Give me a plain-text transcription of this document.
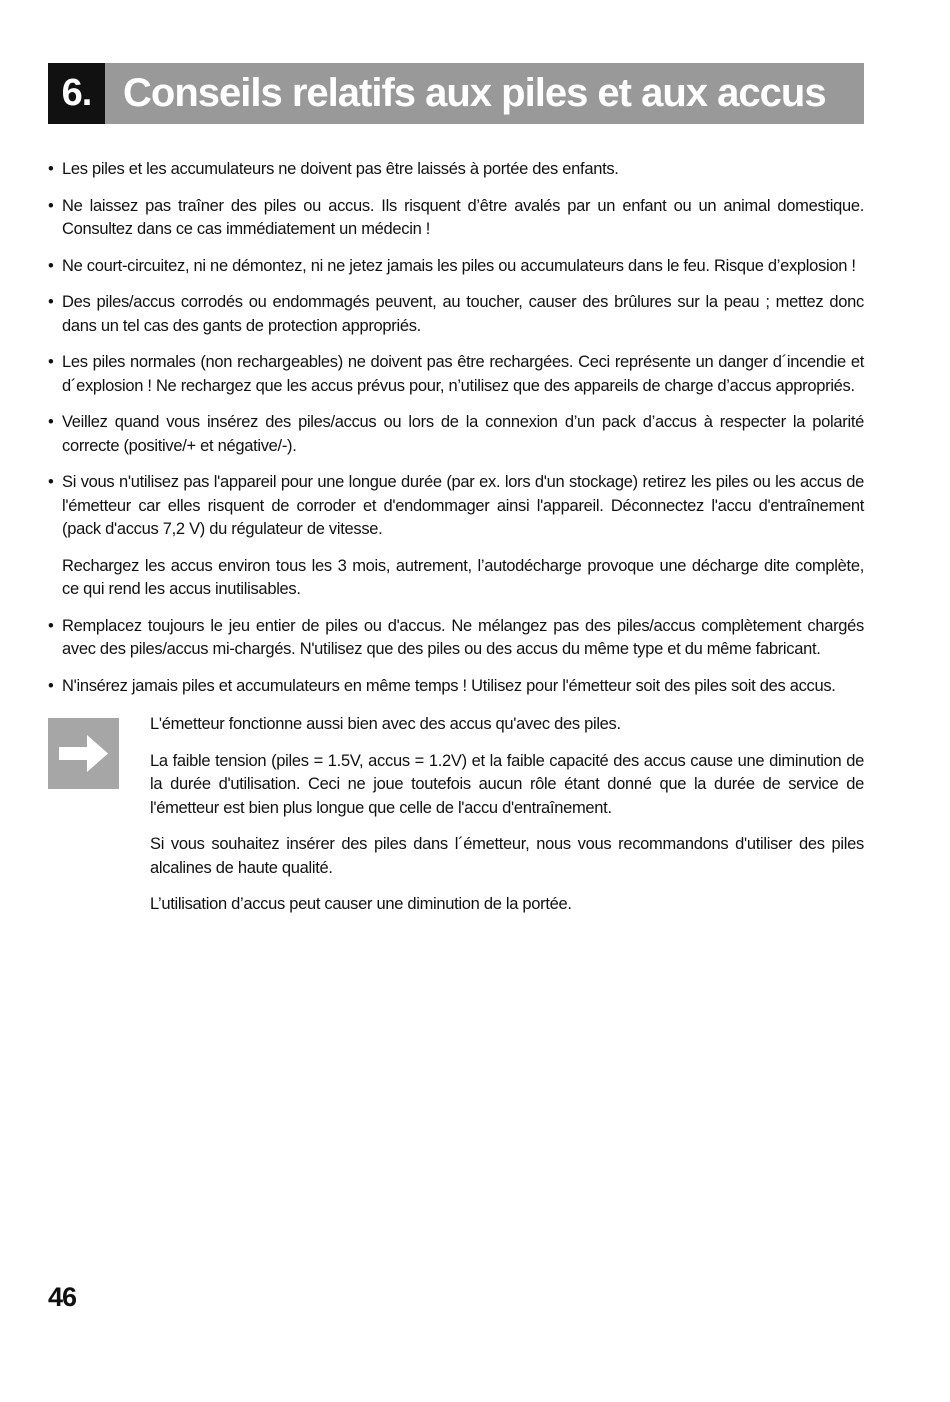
6. Conseils relatifs aux piles et aux accus
• Les piles et les accumulateurs ne doivent pas être laissés à portée des enfants.
• Ne laissez pas traîner des piles ou accus. Ils risquent d’être avalés par un enfant ou un animal domestique. Consultez dans ce cas immédiatement un médecin !
• Ne court-circuitez, ni ne démontez, ni ne jetez jamais les piles ou accumulateurs dans le feu. Risque d’explosion !
• Des piles/accus corrodés ou endommagés peuvent, au toucher, causer des brûlures sur la peau ; mettez donc dans un tel cas des gants de protection appropriés.
• Les piles normales (non rechargeables) ne doivent pas être rechargées. Ceci représente un danger d´incendie et d´explosion ! Ne rechargez que les accus prévus pour, n’utilisez que des appareils de charge d’accus appropriés.
• Veillez quand vous insérez des piles/accus ou lors de la connexion d’un pack d’accus à respecter la polarité correcte (positive/+ et négative/-).
• Si vous n'utilisez pas l'appareil pour une longue durée (par ex. lors d'un stockage) retirez les piles ou les accus de l'émetteur car elles risquent de corroder et d'endommager ainsi l'appareil. Déconnectez l'accu d'entraînement (pack d'accus 7,2 V) du régulateur de vitesse.
Rechargez les accus environ tous les 3 mois, autrement, l’autodécharge provoque une décharge dite complète, ce qui rend les accus inutilisables.
• Remplacez toujours le jeu entier de piles ou d'accus. Ne mélangez pas des piles/accus complètement chargés avec des piles/accus mi-chargés. N'utilisez que des piles ou des accus du même type et du même fabricant.
• N'insérez jamais piles et accumulateurs en même temps ! Utilisez pour l'émetteur soit des piles soit des accus.

L'émetteur fonctionne aussi bien avec des accus qu'avec des piles.

La faible tension (piles = 1.5V, accus = 1.2V) et la faible capacité des accus cause une diminution de la durée d'utilisation. Ceci ne joue toutefois aucun rôle étant donné que la durée de service de l'émetteur est bien plus longue que celle de l'accu d'entraînement.

Si vous souhaitez insérer des piles dans l´émetteur, nous vous recommandons d'utiliser des piles alcalines de haute qualité.

L’utilisation d’accus peut causer une diminution de la portée.

46
